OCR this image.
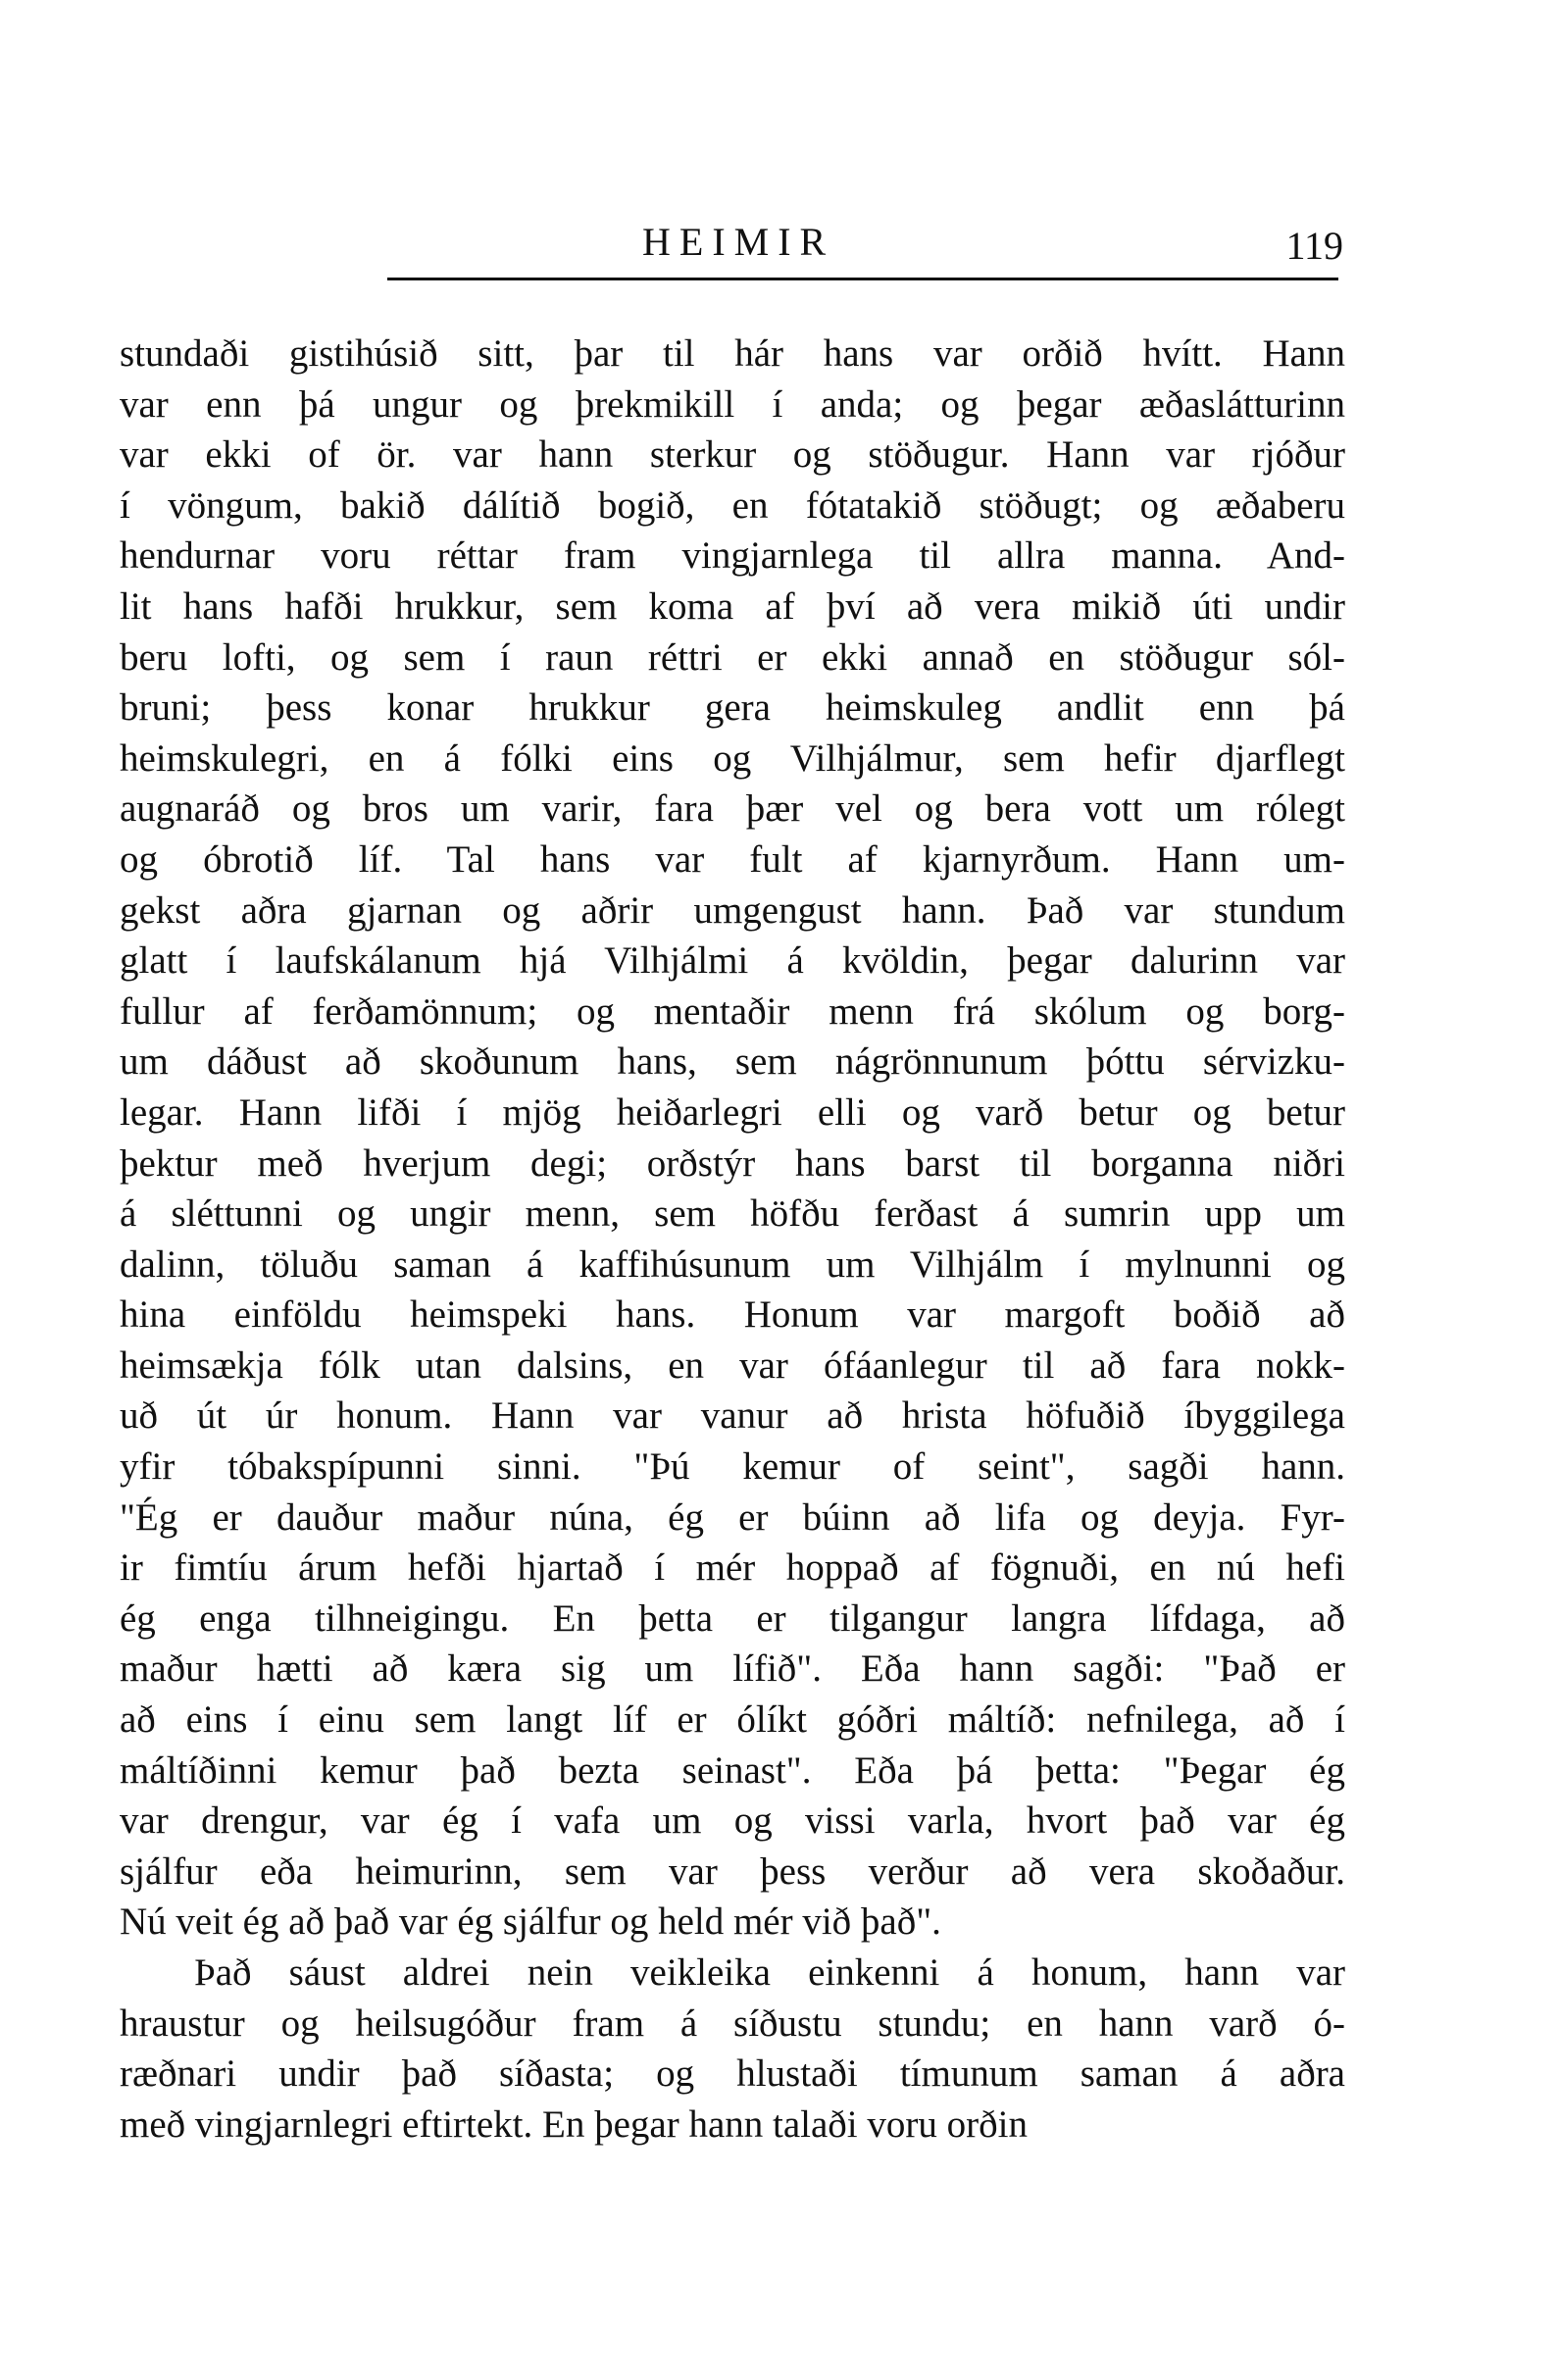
HEIMIR	119
stundaði gistihúsið sitt, þar til hár hans var orðið hvítt. Hann
var enn þá ungur og þrekmikill í anda; og þegar æðaslátturinn
var ekki of ör. var hann sterkur og stöðugur. Hann var rjóður
í vöngum, bakið dálítið bogið, en fótatakið stöðugt; og æðaberu
hendurnar voru réttar fram vingjarnlega til allra manna. And-
lit hans hafði hrukkur, sem koma af því að vera mikið úti undir
beru lofti, og sem í raun réttri er ekki annað en stöðugur sól-
bruni; þess konar hrukkur gera heimskuleg andlit enn þá
heimskulegri, en á fólki eins og Vilhjálmur, sem hefir djarflegt
augnaráð og bros um varir, fara þær vel og bera vott um rólegt
og óbrotið líf. Tal hans var fult af kjarnyrðum. Hann um-
gekst aðra gjarnan og aðrir umgengust hann. Það var stundum
glatt í laufskálanum hjá Vilhjálmi á kvöldin, þegar dalurinn var
fullur af ferðamönnum; og mentaðir menn frá skólum og borg-
um dáðust að skoðunum hans, sem nágrönnunum þóttu sérvizku-
legar. Hann lifði í mjög heiðarlegri elli og varð betur og betur
þektur með hverjum degi; orðstýr hans barst til borganna niðri
á sléttunni og ungir menn, sem höfðu ferðast á sumrin upp um
dalinn, töluðu saman á kaffihúsunum um Vilhjálm í mylnunni og
hina einföldu heimspeki hans. Honum var margoft boðið að
heimsækja fólk utan dalsins, en var ófáanlegur til að fara nokk-
uð út úr honum. Hann var vanur að hrista höfuðið íbyggilega
yfir tóbakspípunni sinni. "Þú kemur of seint", sagði hann.
"Ég er dauður maður núna, ég er búinn að lifa og deyja. Fyr-
ir fimtíu árum hefði hjartað í mér hoppað af fögnuði, en nú hefi
ég enga tilhneigingu. En þetta er tilgangur langra lífdaga, að
maður hætti að kæra sig um lífið". Eða hann sagði: "Það er
að eins í einu sem langt líf er ólíkt góðri máltíð: nefnilega, að í
máltíðinni kemur það bezta seinast". Eða þá þetta: "Þegar ég
var drengur, var ég í vafa um og vissi varla, hvort það var ég
sjálfur eða heimurinn, sem var þess verður að vera skoðaður.
Nú veit ég að það var ég sjálfur og held mér við það".
Það sáust aldrei nein veikleika einkenni á honum, hann var
hraustur og heilsugóður fram á síðustu stundu; en hann varð ó-
ræðnari undir það síðasta; og hlustaði tímunum saman á aðra
með vingjarnlegri eftirtekt. En þegar hann talaði voru orðin
